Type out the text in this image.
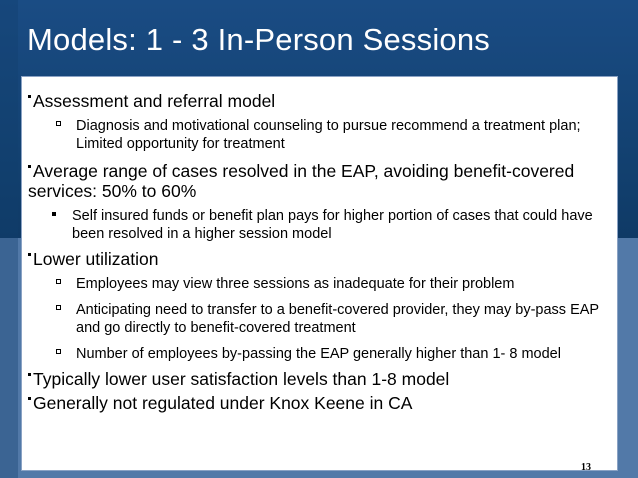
Models: 1 - 3 In-Person Sessions
Assessment and referral model
Diagnosis and motivational counseling to pursue recommend a treatment plan; Limited opportunity for treatment
Average range of cases resolved in the EAP, avoiding benefit-covered services: 50% to 60%
Self insured funds or benefit plan pays for higher portion of cases that could have been resolved in a higher session model
Lower utilization
Employees may view three sessions as inadequate for their problem
Anticipating need to transfer to a benefit-covered provider, they may by-pass EAP and go directly to benefit-covered treatment
Number of employees by-passing the EAP generally higher than 1- 8 model
Typically lower user satisfaction levels than 1-8 model
Generally not regulated under Knox Keene in CA
13
